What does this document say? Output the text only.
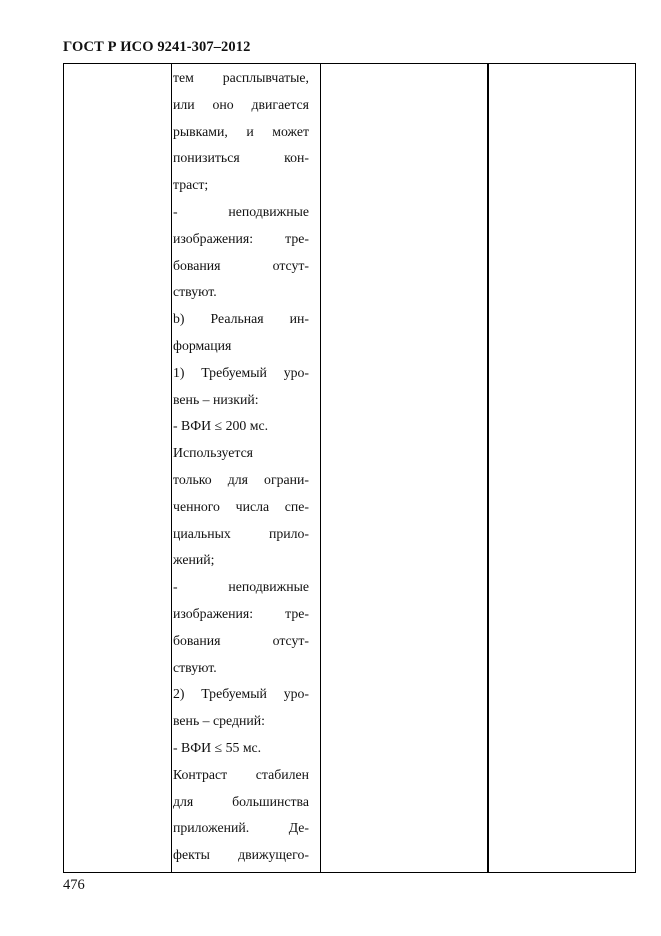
ГОСТ Р ИСО 9241-307–2012
тем расплывчатые,
или оно двигается
рывками, и может
понизиться кон-
траст;
- неподвижные
изображения: тре-
бования отсут-
ствуют.
b) Реальная ин-
формация
1) Требуемый уро-
вень – низкий:
- ВФИ ≤ 200 мс.
Используется
только для ограни-
ченного числа спе-
циальных прило-
жений;
- неподвижные
изображения: тре-
бования отсут-
ствуют.
2) Требуемый уро-
вень – средний:
- ВФИ ≤ 55 мс.
Контраст стабилен
для большинства
приложений. Де-
фекты движущего-
476
